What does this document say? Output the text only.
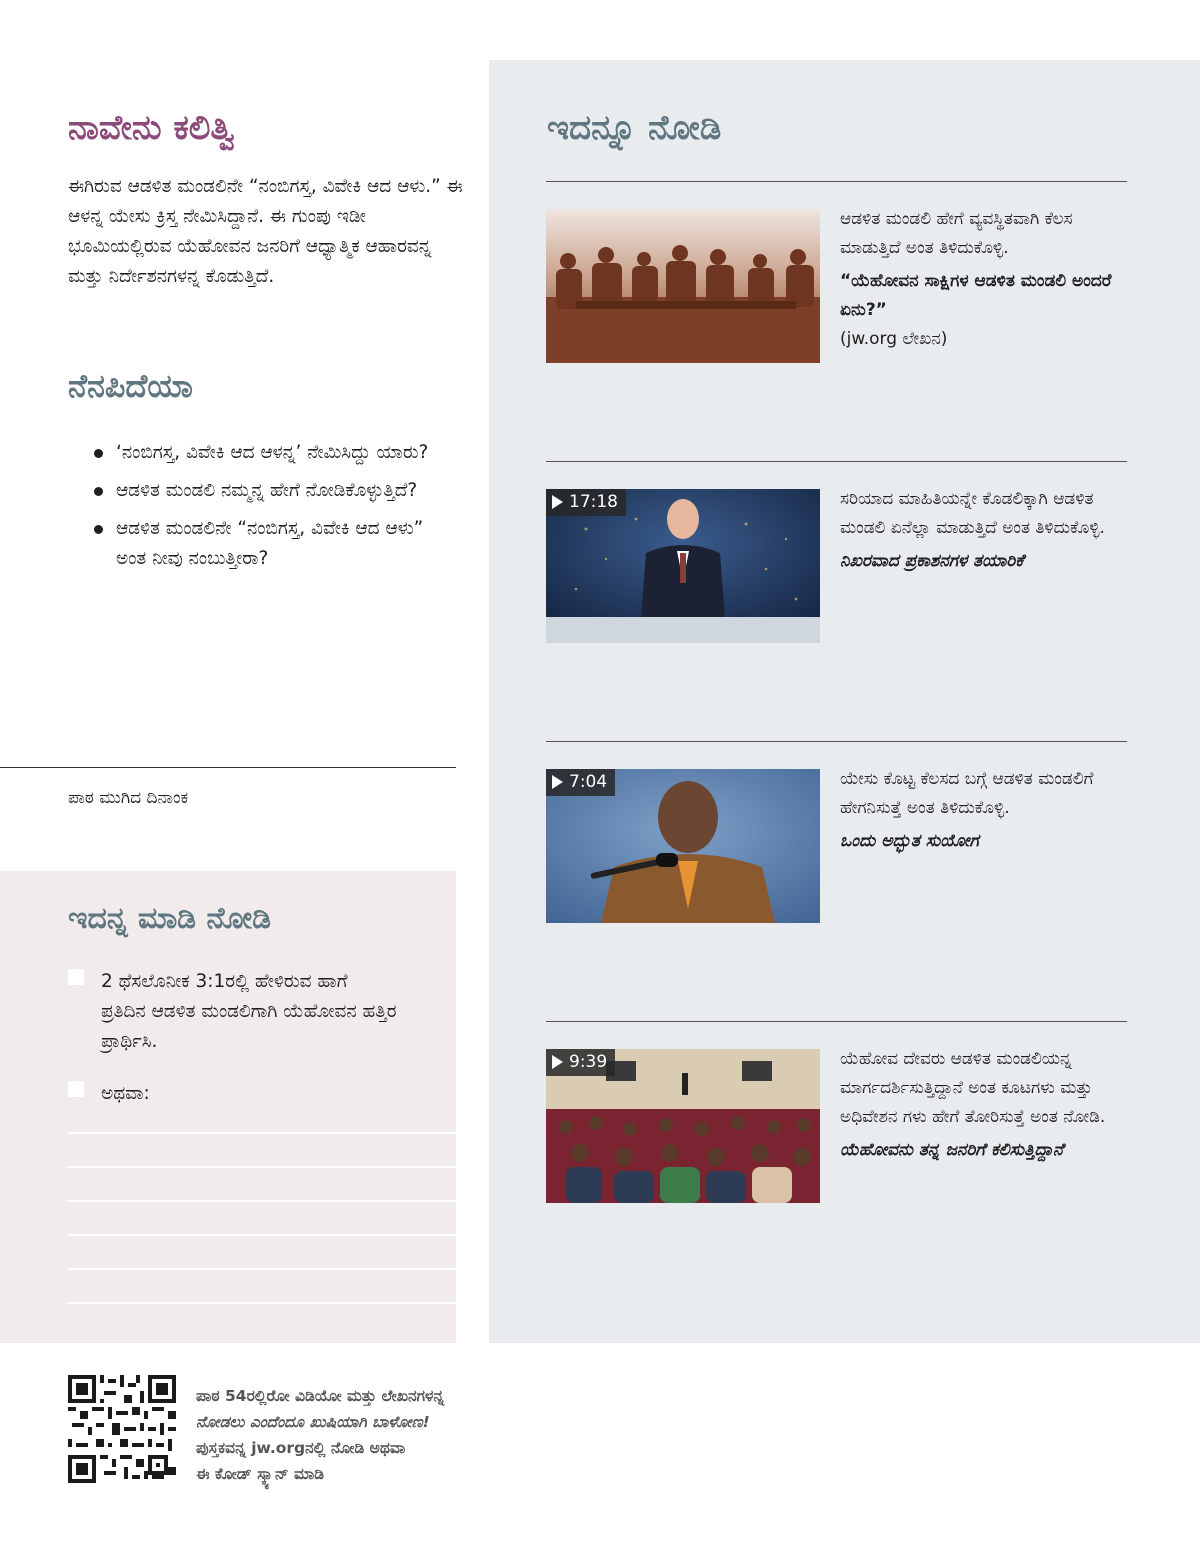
ನಾವೇನು ಕಲಿತ್ವಿ
ಈಗಿರುವ ಆಡಳಿತ ಮಂಡಲಿನೇ “ನಂಬಿಗಸ್ತ, ವಿವೇಕಿ ಆದ ಆಳು.” ಈ ಆಳನ್ನ ಯೇಸು ಕ್ರಿಸ್ತ ನೇಮಿಸಿದ್ದಾನೆ. ಈ ಗುಂಪು ಇಡೀ ಭೂಮಿಯಲ್ಲಿರುವ ಯೆಹೋವನ ಜನರಿಗೆ ಆಧ್ಯಾತ್ಮಿಕ ಆಹಾರವನ್ನ ಮತ್ತು ನಿರ್ದೇಶನಗಳನ್ನ ಕೊಡುತ್ತಿದೆ.
ನೆನಪಿದೆಯಾ
‘ನಂಬಿಗಸ್ತ, ವಿವೇಕಿ ಆದ ಆಳನ್ನ’ ನೇಮಿಸಿದ್ದು ಯಾರು?
ಆಡಳಿತ ಮಂಡಲಿ ನಮ್ಮನ್ನ ಹೇಗೆ ನೋಡಿಕೊಳ್ಳುತ್ತಿದೆ?
ಆಡಳಿತ ಮಂಡಲಿನೇ “ನಂಬಿಗಸ್ತ, ವಿವೇಕಿ ಆದ ಆಳು” ಅಂತ ನೀವು ನಂಬುತ್ತೀರಾ?
ಪಾಠ ಮುಗಿದ ದಿನಾಂಕ
ಇದನ್ನ ಮಾಡಿ ನೋಡಿ
2 ಥೆಸಲೊನೀಕ 3:1ರಲ್ಲಿ ಹೇಳಿರುವ ಹಾಗೆ ಪ್ರತಿದಿನ ಆಡಳಿತ ಮಂಡಲಿಗಾಗಿ ಯೆಹೋವನ ಹತ್ತಿರ ಪ್ರಾರ್ಥಿಸಿ.
ಅಥವಾ:
ಇದನ್ನೂ ನೋಡಿ
ಆಡಳಿತ ಮಂಡಲಿ ಹೇಗೆ ವ್ಯವಸ್ಥಿತವಾಗಿ ಕೆಲಸ ಮಾಡುತ್ತಿದೆ ಅಂತ ತಿಳಿದುಕೊಳ್ಳಿ.
“ಯೆಹೋವನ ಸಾಕ್ಷಿಗಳ ಆಡಳಿತ ಮಂಡಲಿ ಅಂದರೆ ಏನು?”
(jw.org ಲೇಖನ)
17:18	ಸರಿಯಾದ ಮಾಹಿತಿಯನ್ನೇ ಕೊಡಲಿಕ್ಕಾಗಿ ಆಡಳಿತ ಮಂಡಲಿ ಏನೆಲ್ಲಾ ಮಾಡುತ್ತಿದೆ ಅಂತ ತಿಳಿದುಕೊಳ್ಳಿ.
ನಿಖರವಾದ ಪ್ರಕಾಶನಗಳ ತಯಾರಿಕೆ
7:04	ಯೇಸು ಕೊಟ್ಟ ಕೆಲಸದ ಬಗ್ಗೆ ಆಡಳಿತ ಮಂಡಲಿಗೆ ಹೇಗನಿಸುತ್ತೆ ಅಂತ ತಿಳಿದುಕೊಳ್ಳಿ.
ಒಂದು ಅದ್ಭುತ ಸುಯೋಗ
9:39	ಯೆಹೋವ ದೇವರು ಆಡಳಿತ ಮಂಡಲಿಯನ್ನ ಮಾರ್ಗದರ್ಶಿಸುತ್ತಿದ್ದಾನೆ ಅಂತ ಕೂಟಗಳು ಮತ್ತು ಅಧಿವೇಶನ ಗಳು ಹೇಗೆ ತೋರಿಸುತ್ತೆ ಅಂತ ನೋಡಿ.
ಯೆಹೋವನು ತನ್ನ ಜನರಿಗೆ ಕಲಿಸುತ್ತಿದ್ದಾನೆ
ಪಾಠ 54ರಲ್ಲಿರೋ ವಿಡಿಯೋ ಮತ್ತು ಲೇಖನಗಳನ್ನ
ನೋಡಲು ಎಂದೆಂದೂ ಖುಷಿಯಾಗಿ ಬಾಳೋಣ!
ಪುಸ್ತಕವನ್ನ jw.orgನಲ್ಲಿ ನೋಡಿ ಅಥವಾ
ಈ ಕೋಡ್ ಸ್ಕ್ಯಾನ್ ಮಾಡಿ
